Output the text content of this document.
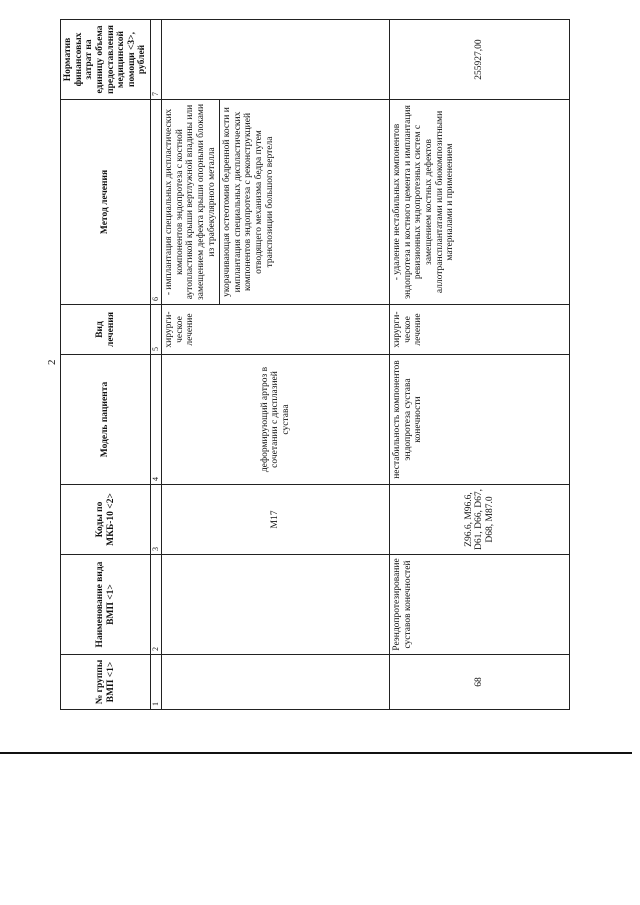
2
№ группы ВМП <1>	Наименование вида ВМП <1>	Коды по МКБ-10 <2>	Модель пациента	Вид лечения	Метод лечения	Норматив финансовых затрат на единицу объема предоставления медицинской помощи <3>, рублей
1	2	3	4	5	6	7
		М17	деформирующий артроз в сочетании с дисплазией сустава	хирурги-ческое лечение	- имплантация специальных диспластических компонентов эндопротеза с костной аутопластикой крыши вертлужной впадины или замещением дефекта крыши опорными блоками из трабекулярного металла укорачивающая остеотомия бедренной кости и имплантация специальных диспластических компонентов эндопротеза с реконструкцией отводящего механизма бедра путем транспозиции большого вертела	

68	Реэндопротезирование суставов конечностей	Z96.6, М96.6, D61, D66, D67, D68, М87.0	нестабильность компонентов эндопротеза сустава конечности	хирурги-ческое лечение	- удаление нестабильных компонентов эндопротеза и костного цемента и имплантация ревизионных эндопротезных систем с замещением костных дефектов аллотрансплантатами или биокомпозитными материалами и применением	255927,00
